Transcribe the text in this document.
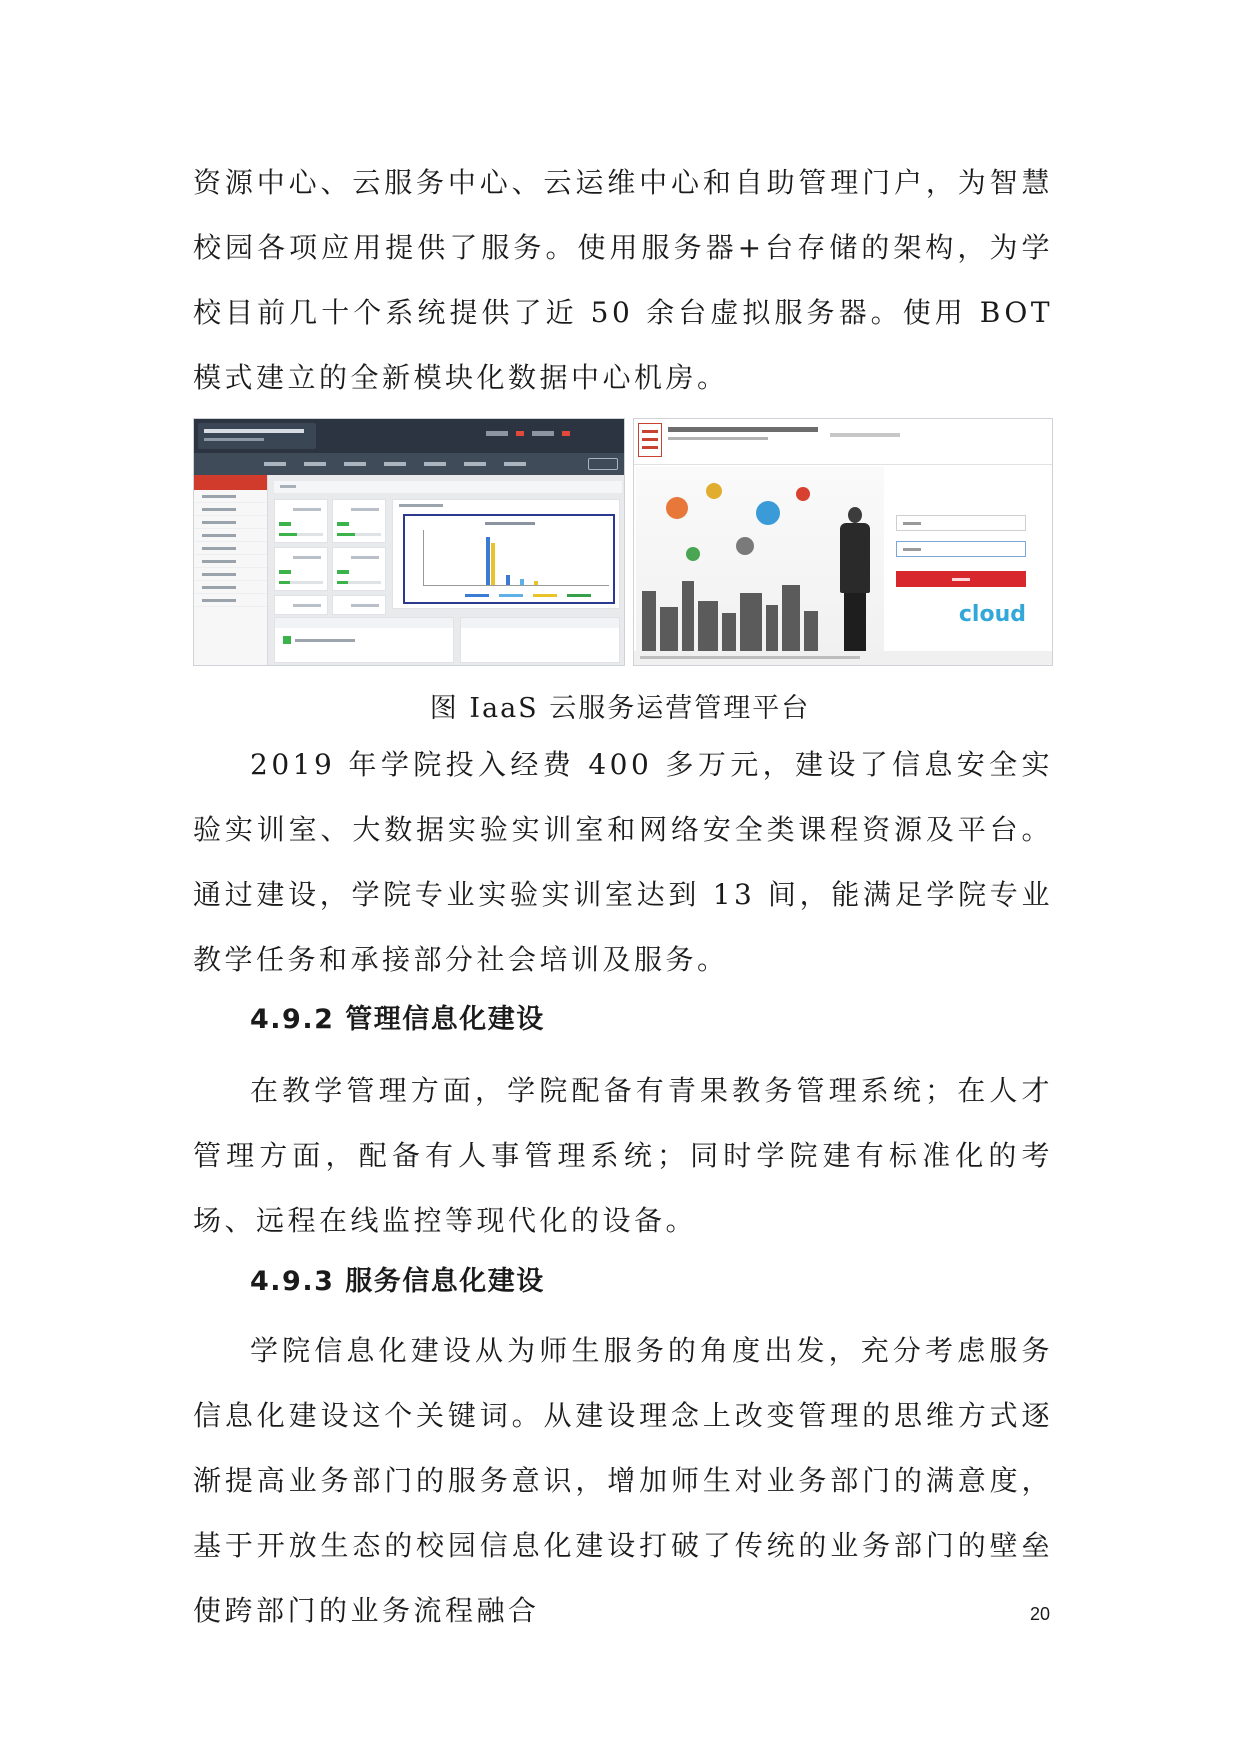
资源中心、云服务中心、云运维中心和自助管理门户，为智慧校园各项应用提供了服务。使用服务器+台存储的架构，为学校目前几十个系统提供了近 50 余台虚拟服务器。使用 BOT 模式建立的全新模块化数据中心机房。

cloud
图 IaaS 云服务运营管理平台

2019 年学院投入经费 400 多万元，建设了信息安全实验实训室、大数据实验实训室和网络安全类课程资源及平台。通过建设，学院专业实验实训室达到 13 间，能满足学院专业教学任务和承接部分社会培训及服务。

4.9.2 管理信息化建设

在教学管理方面，学院配备有青果教务管理系统；在人才管理方面，配备有人事管理系统；同时学院建有标准化的考场、远程在线监控等现代化的设备。

4.9.3 服务信息化建设

学院信息化建设从为师生服务的角度出发，充分考虑服务信息化建设这个关键词。从建设理念上改变管理的思维方式逐渐提高业务部门的服务意识，增加师生对业务部门的满意度，基于开放生态的校园信息化建设打破了传统的业务部门的壁垒使跨部门的业务流程融合	20
